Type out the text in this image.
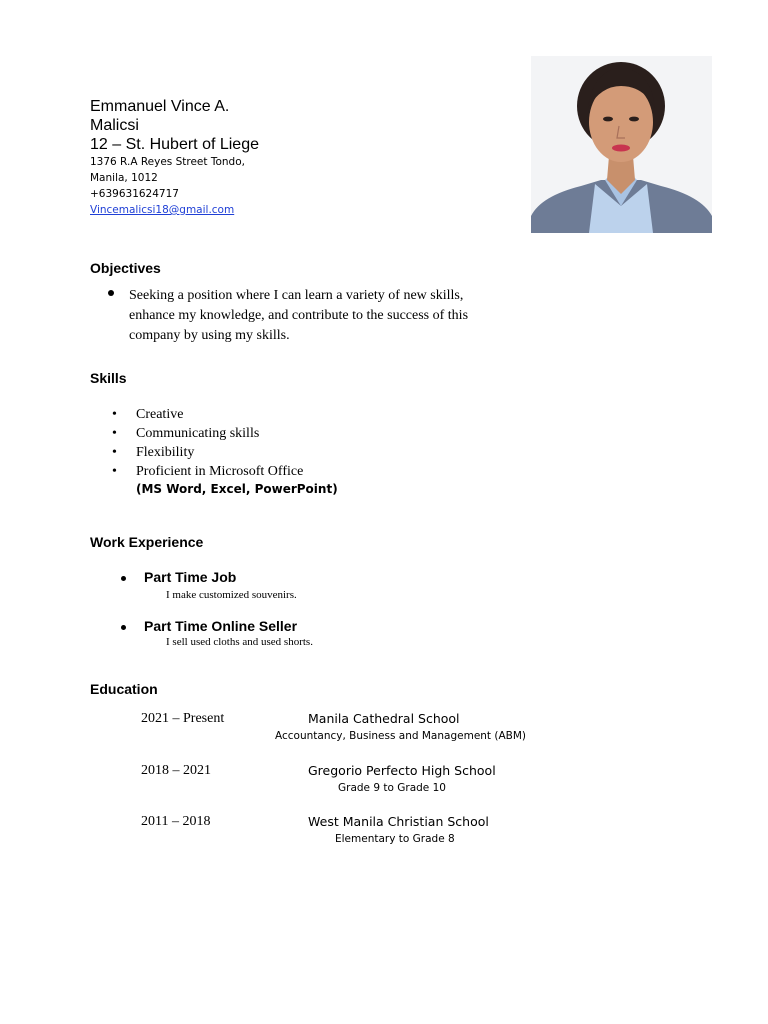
Emmanuel Vince A.
Malicsi
12 – St. Hubert of Liege
1376 R.A Reyes Street Tondo,
Manila, 1012
+639631624717
Vincemalicsi18@gmail.com
Objectives
Seeking a position where I can learn a variety of new skills,
enhance my knowledge, and contribute to the success of this
company by using my skills.
Skills
• Creative
• Communicating skills
• Flexibility
• Proficient in Microsoft Office
(MS Word, Excel, PowerPoint)
Work Experience
Part Time Job
I make customized souvenirs.
Part Time Online Seller
I sell used cloths and used shorts.
Education
2021 – Present	Manila Cathedral School
Accountancy, Business and Management (ABM)
2018 – 2021	Gregorio Perfecto High School
Grade 9 to Grade 10
2011 – 2018	West Manila Christian School
Elementary to Grade 8
